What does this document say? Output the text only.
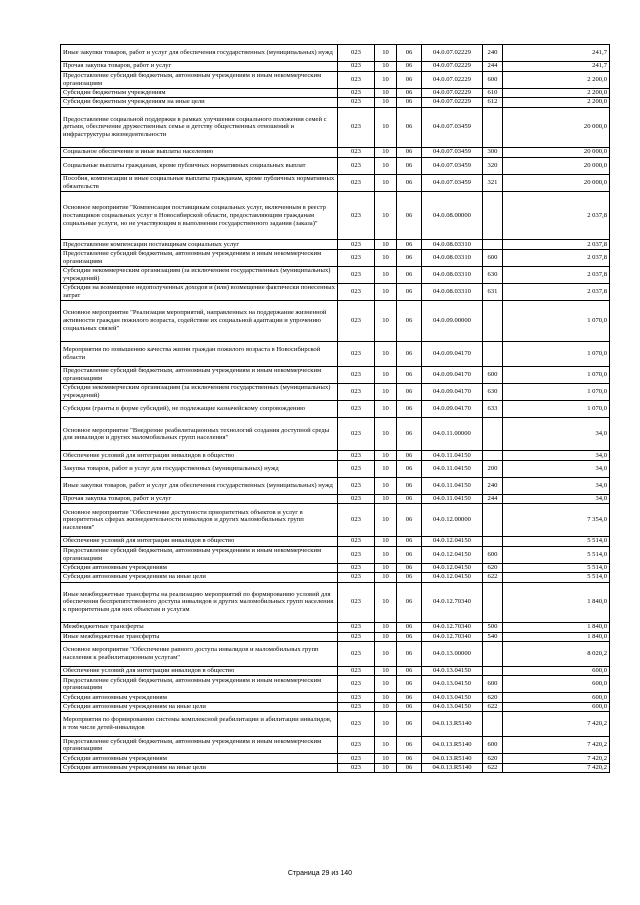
Иные закупки товаров, работ и услуг для обеспечения государственных (муниципальных) нужд	023	10	06	04.0.07.02229	240	241,7
Прочая закупка товаров, работ и услуг	023	10	06	04.0.07.02229	244	241,7
Предоставление субсидий бюджетным, автономным учреждениям и иным некоммерческим организациям	023	10	06	04.0.07.02229	600	2 200,0
Субсидии бюджетным учреждениям	023	10	06	04.0.07.02229	610	2 200,0
Субсидии бюджетным учреждениям на иные цели	023	10	06	04.0.07.02229	612	2 200,0
Предоставление социальной поддержки в рамках улучшения социального положения семей с детьми, обеспечение дружественных семье и детству общественных отношений и инфраструктуры жизнедеятельности	023	10	06	04.0.07.03459		20 000,0
Социальное обеспечение и иные выплаты населению	023	10	06	04.0.07.03459	300	20 000,0
Социальные выплаты гражданам, кроме публичных нормативных социальных выплат	023	10	06	04.0.07.03459	320	20 000,0
Пособия, компенсации и иные социальные выплаты гражданам, кроме публичных нормативных обязательств	023	10	06	04.0.07.03459	321	20 000,0
Основное мероприятие "Компенсация поставщикам социальных услуг, включенным в реестр поставщиков социальных услуг в Новосибирской области, предоставляющим гражданам социальные услуги, но не участвующим в выполнении государственного задания (заказа)"	023	10	06	04.0.08.00000		2 037,8
Предоставление компенсации поставщикам социальных услуг	023	10	06	04.0.08.03310		2 037,8
Предоставление субсидий бюджетным, автономным учреждениям и иным некоммерческим организациям	023	10	06	04.0.08.03310	600	2 037,8
Субсидии некоммерческим организациям (за исключением государственных (муниципальных) учреждений)	023	10	06	04.0.08.03310	630	2 037,8
Субсидии на возмещение недополученных доходов и (или) возмещение фактически понесенных затрат	023	10	06	04.0.08.03310	631	2 037,8
Основное мероприятие "Реализация мероприятий, направленных на поддержание жизненной активности граждан пожилого возраста, содействие их социальной адаптации и упрочению социальных связей"	023	10	06	04.0.09.00000		1 070,0
Мероприятия по повышению качества жизни граждан пожилого возраста в Новосибирской области	023	10	06	04.0.09.04170		1 070,0
Предоставление субсидий бюджетным, автономным учреждениям и иным некоммерческим организациям	023	10	06	04.0.09.04170	600	1 070,0
Субсидии некоммерческим организациям (за исключением государственных (муниципальных) учреждений)	023	10	06	04.0.09.04170	630	1 070,0
Субсидии (гранты в форме субсидий), не подлежащие казначейскому сопровождению	023	10	06	04.0.09.04170	633	1 070,0
Основное мероприятие "Внедрение реабилитационных технологий создания доступной среды для инвалидов и других маломобильных групп населения"	023	10	06	04.0.11.00000		34,0
Обеспечение условий для интеграции инвалидов в общество	023	10	06	04.0.11.04150		34,0
Закупка товаров, работ и услуг для государственных (муниципальных) нужд	023	10	06	04.0.11.04150	200	34,0
Иные закупки товаров, работ и услуг для обеспечения государственных (муниципальных) нужд	023	10	06	04.0.11.04150	240	34,0
Прочая закупка товаров, работ и услуг	023	10	06	04.0.11.04150	244	34,0
Основное мероприятие "Обеспечение доступности приоритетных объектов и услуг в приоритетных сферах жизнедеятельности инвалидов и других маломобильных групп населения"	023	10	06	04.0.12.00000		7 354,0
Обеспечение условий для интеграции инвалидов в общество	023	10	06	04.0.12.04150		5 514,0
Предоставление субсидий бюджетным, автономным учреждениям и иным некоммерческим организациям	023	10	06	04.0.12.04150	600	5 514,0
Субсидии автономным учреждениям	023	10	06	04.0.12.04150	620	5 514,0
Субсидии автономным учреждениям на иные цели	023	10	06	04.0.12.04150	622	5 514,0
Иные межбюджетные трансферты на реализацию мероприятий по формированию условий для обеспечения беспрепятственного доступа инвалидов и других маломобильных групп населения к приоритетным для них объектам и услугам	023	10	06	04.0.12.70340		1 840,0
Межбюджетные трансферты	023	10	06	04.0.12.70340	500	1 840,0
Иные межбюджетные трансферты	023	10	06	04.0.12.70340	540	1 840,0
Основное мероприятие "Обеспечение равного доступа инвалидов и маломобильных групп населения к реабилитационным услугам"	023	10	06	04.0.13.00000		8 020,2
Обеспечение условий для интеграции инвалидов в общество	023	10	06	04.0.13.04150		600,0
Предоставление субсидий бюджетным, автономным учреждениям и иным некоммерческим организациям	023	10	06	04.0.13.04150	600	600,0
Субсидии автономным учреждениям	023	10	06	04.0.13.04150	620	600,0
Субсидии автономным учреждениям на иные цели	023	10	06	04.0.13.04150	622	600,0
Мероприятия по формированию системы комплексной реабилитации и абилитации инвалидов, в том числе детей-инвалидов	023	10	06	04.0.13.R5140		7 420,2
Предоставление субсидий бюджетным, автономным учреждениям и иным некоммерческим организациям	023	10	06	04.0.13.R5140	600	7 420,2
Субсидии автономным учреждениям	023	10	06	04.0.13.R5140	620	7 420,2
Субсидии автономным учреждениям на иные цели	023	10	06	04.0.13.R5140	622	7 420,2
Страница 29 из 140
